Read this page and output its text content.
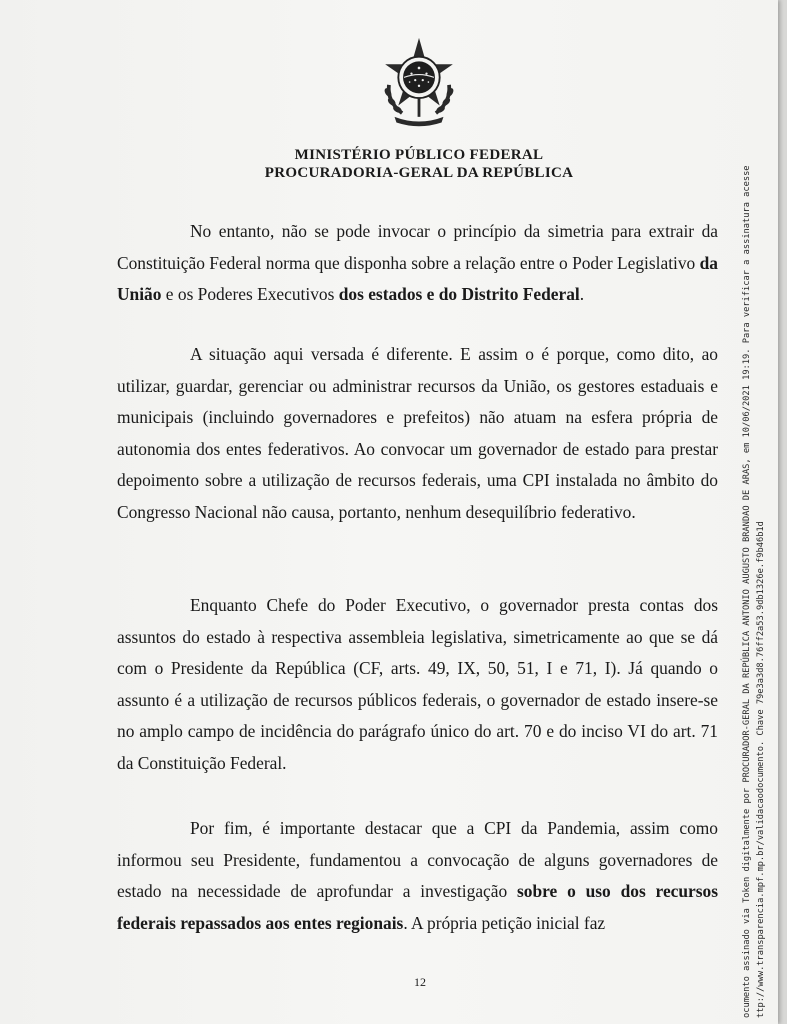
MINISTÉRIO PÚBLICO FEDERAL
PROCURADORIA-GERAL DA REPÚBLICA

No entanto, não se pode invocar o princípio da simetria para extrair da Constituição Federal norma que disponha sobre a relação entre o Poder Legislativo da União e os Poderes Executivos dos estados e do Distrito Federal.

A situação aqui versada é diferente. E assim o é porque, como dito, ao utilizar, guardar, gerenciar ou administrar recursos da União, os gestores estaduais e municipais (incluindo governadores e prefeitos) não atuam na esfera própria de autonomia dos entes federativos. Ao convocar um governador de estado para prestar depoimento sobre a utilização de recursos federais, uma CPI instalada no âmbito do Congresso Nacional não causa, portanto, nenhum desequilíbrio federativo.

Enquanto Chefe do Poder Executivo, o governador presta contas dos assuntos do estado à respectiva assembleia legislativa, simetricamente ao que se dá com o Presidente da República (CF, arts. 49, IX, 50, 51, I e 71, I). Já quando o assunto é a utilização de recursos públicos federais, o governador de estado insere-se no amplo campo de incidência do parágrafo único do art. 70 e do inciso VI do art. 71 da Constituição Federal.

Por fim, é importante destacar que a CPI da Pandemia, assim como informou seu Presidente, fundamentou a convocação de alguns governadores de estado na necessidade de aprofundar a investigação sobre o uso dos recursos federais repassados aos entes regionais. A própria petição inicial faz

12	ocumento assinado via Token digitalmente por PROCURADOR-GERAL DA REPÚBLICA ANTONIO AUGUSTO BRANDAO DE ARAS, em 10/06/2021 19:19. Para verificar a assinatura acesse ttp://www.transparencia.mpf.mp.br/validacaodocumento. Chave 79e3a3d8.76ff2a53.9db1326e.f9b46b1d
